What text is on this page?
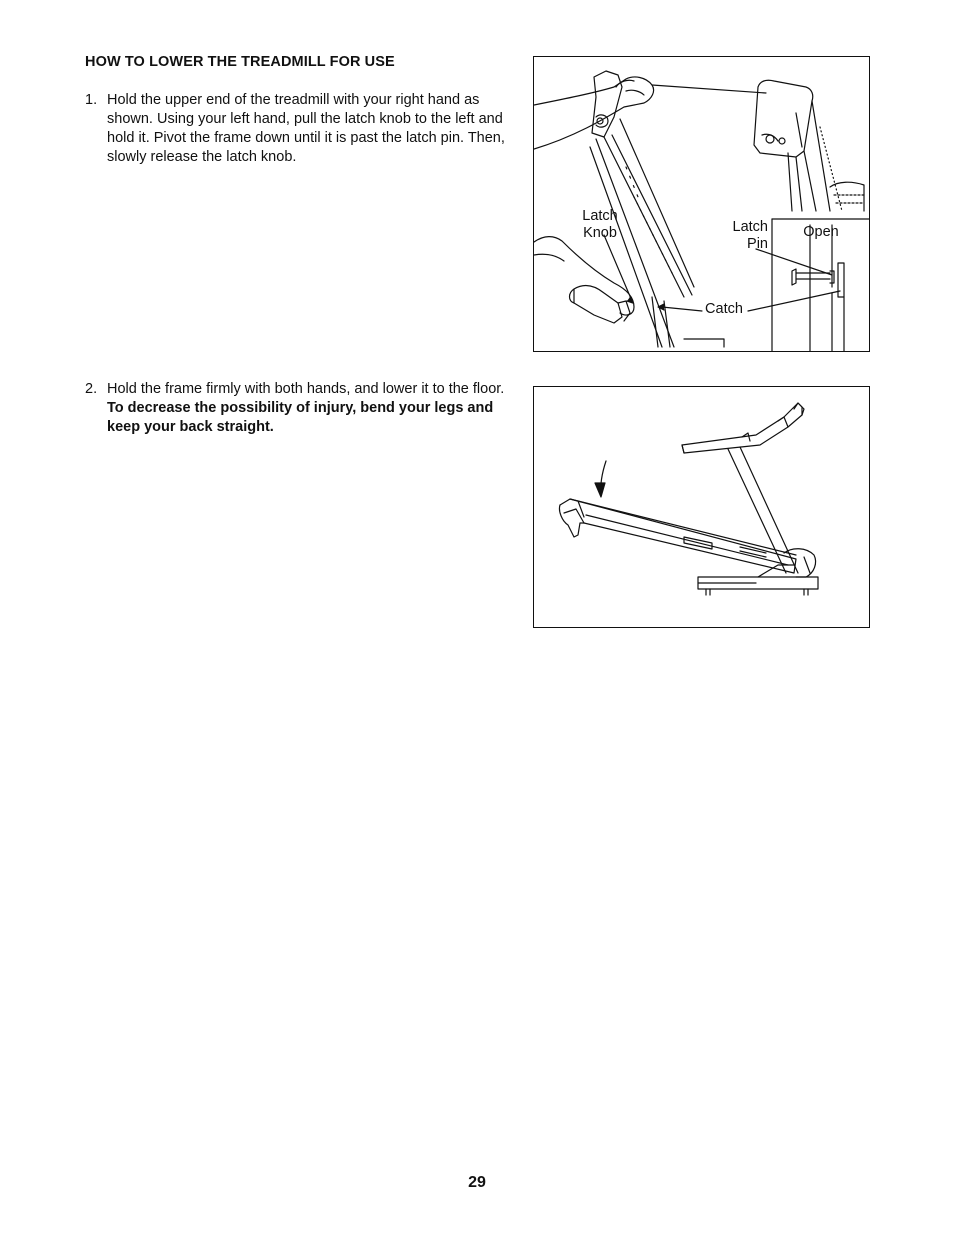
HOW TO LOWER THE TREADMILL FOR USE
1. Hold the upper end of the treadmill with your right hand as shown. Using your left hand, pull the latch knob to the left and hold it. Pivot the frame down until it is past the latch pin. Then, slowly release the latch knob.
2. Hold the frame firmly with both hands, and lower it to the floor. To decrease the possibility of injury, bend your legs and keep your back straight.
Latch
Knob	Latch
Pin
Open
Catch
29
